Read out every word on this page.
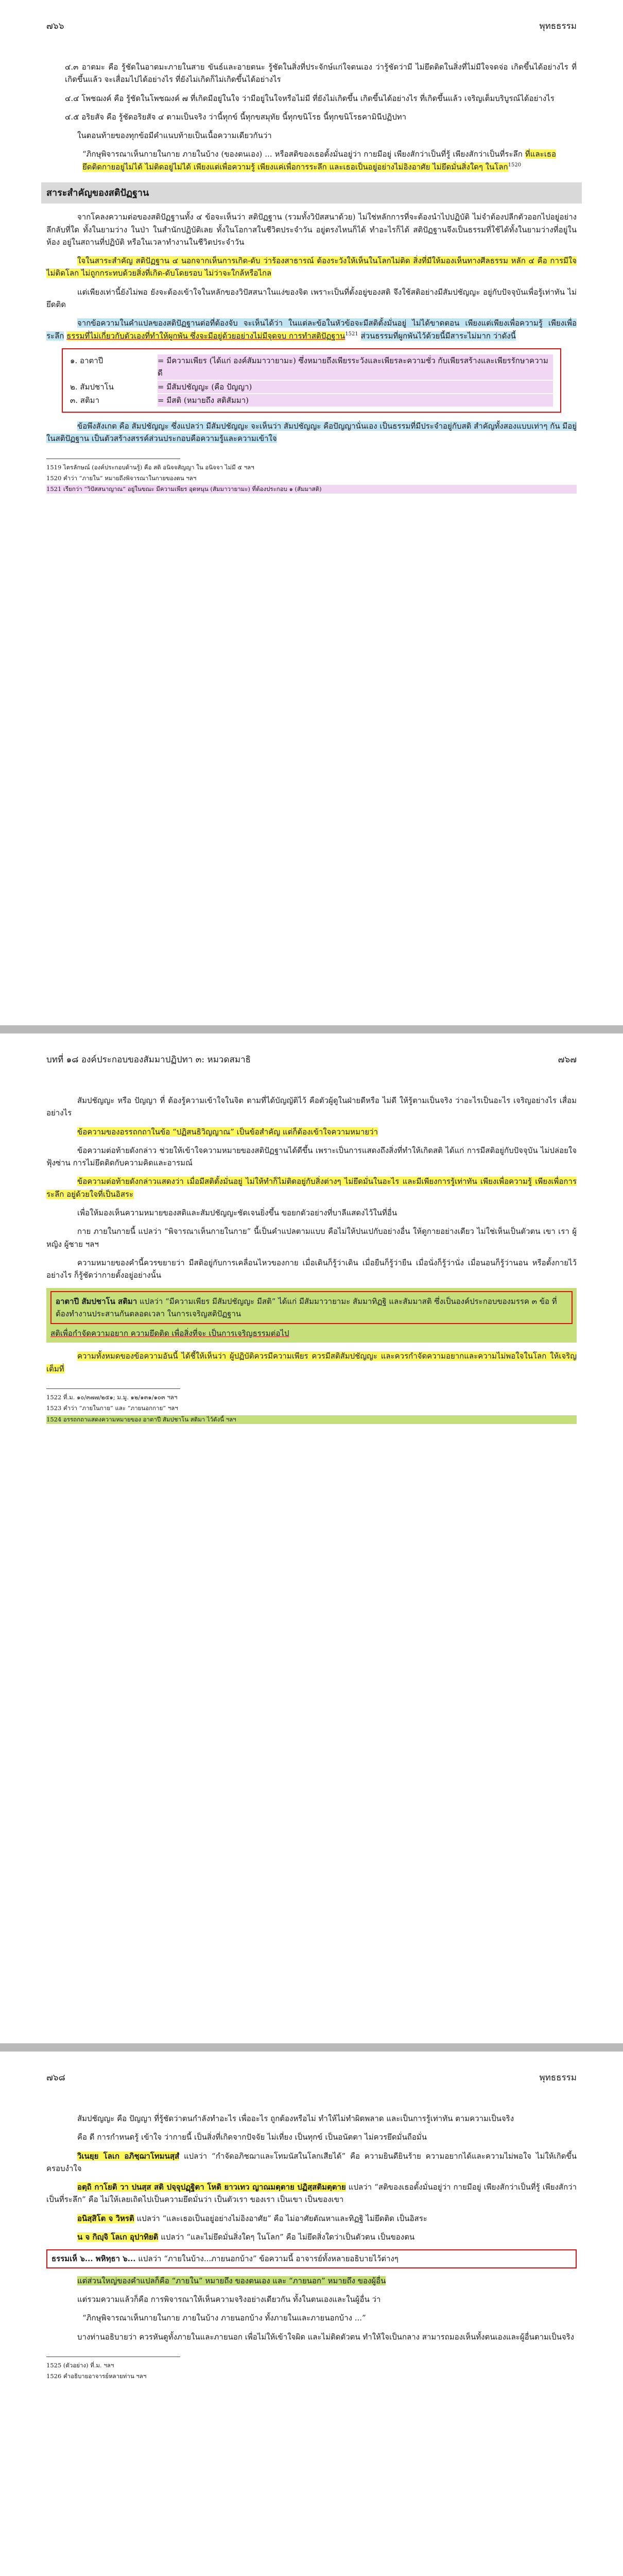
๗๖๖	พุทธธรรม

๔.๓ อาตมะ คือ รู้ชัดในอาตมะภายในสาย ขันธ์และอายตนะ รู้ชัดในสิ่งที่ประจักษ์แก่ใจตนเอง ว่ารู้ชัดว่ามี ไม่ยึดติดในสิ่งที่ไม่มีใจจดจ่อ เกิดขึ้นได้อย่างไร ที่เกิดขึ้นแล้ว จะเสื่อมไปได้อย่างไร ที่ยังไม่เกิดก็ไม่เกิดขึ้นได้อย่างไร

๔.๔ โพชฌงค์ คือ รู้ชัดในโพชฌงค์ ๗ ที่เกิดมีอยู่ในใจ ว่ามีอยู่ในใจหรือไม่มี ที่ยังไม่เกิดขึ้น เกิดขึ้นได้อย่างไร ที่เกิดขึ้นแล้ว เจริญเต็มบริบูรณ์ได้อย่างไร

๔.๕ อริยสัจ คือ รู้ชัดอริยสัจ ๔ ตามเป็นจริง ว่านี้ทุกข์ นี้ทุกขสมุทัย นี้ทุกขนิโรธ นี้ทุกขนิโรธคามินีปฏิปทา

ในตอนท้ายของทุกข้อมีคำแนบท้ายเป็นเนื้อความเดียวกันว่า

“ภิกษุพิจารณาเห็นกายในกาย ภายในบ้าง (ของตนเอง) ... หรือสติของเธอตั้งมั่นอยู่ว่า กายมีอยู่ เพียงสักว่าเป็นที่รู้ เพียงสักว่าเป็นที่ระลึก ที่และเธอยึดติดกายอยู่ไม่ได้ ไม่ติดอยู่ไม่ได้ เพียงแต่เพื่อความรู้ เพียงแค่เพื่อการระลึก และเธอเป็นอยู่อย่างไม่อิงอาศัย ไม่ยึดมั่นสิ่งใดๆ ในโลก$^{1520}$

สาระสำคัญของสติปัฏฐาน

จากโคลงความต่อของสติปัฏฐานทั้ง ๔ ข้อจะเห็นว่า สติปัฏฐาน (รวมทั้งวิปัสสนาด้วย) ไม่ใช่หลักการที่จะต้องนำไปปฏิบัติ ไม่จำต้องปลีกตัวออกไปอยู่อย่างลึกลับที่ใด ทั้งในยามว่าง ในป่า ในสำนักปฏิบัติเลย ทั้งในโอกาสในชีวิตประจำวัน อยู่ตรงไหนก็ได้ ทำอะไรก็ได้ สติปัฏฐานจึงเป็นธรรมที่ใช้ได้ทั้งในยามว่างที่อยู่ในห้อง อยู่ในสถานที่ปฏิบัติ หรือในเวลาทำงานในชีวิตประจำวัน

ใจในสาระสำคัญ สติปัฏฐาน ๔ นอกจากเห็นการเกิด-ดับ ว่าร้องสาธารณ์ ต้องระวังให้เห็นในโลกไม่ติด สิ่งที่มีให้มองเห็นทางศีลธรรม หลัก ๔ คือ การมีใจไม่ติดโลก ไม่ถูกกระทบด้วยสิ่งที่เกิด-ดับโดยรอบ ไม่ว่าจะใกล้หรือไกล

แต่เพียงเท่านี้ยังไม่พอ ยังจะต้องเข้าใจในหลักของวิปัสสนาในแง่ของจิต เพราะเป็นที่ตั้งอยู่ของสติ จึงใช้สติอย่างมีสัมปชัญญะ อยู่กับปัจจุบันเพื่อรู้เท่าทัน ไม่ยึดติด

จากข้อความในคำแปลของสติปัฏฐานต่อที่ต้องจับ จะเห็นได้ว่า ในแต่ละข้อในหัวข้อจะมีสติตั้งมั่นอยู่ ไม่ได้ขาดตอน เพียงแต่เพียงเพื่อความรู้ เพียงเพื่อระลึก ธรรมที่ไม่เกี่ยวกับตัวเองที่ทำให้ผูกพัน ซึ่งจะมีอยู่ด้วยอย่างไม่มีจุดจบ การทำสติปัฏฐาน$^{1521}$ ส่วนธรรมที่ผูกพันไว้ด้วยนี้มีสาระไม่มาก ว่าดังนี้

๑. อาตาปี	= มีความเพียร (ได้แก่ องค์สัมมาวายามะ) ซึ่งหมายถึงเพียรระวังและเพียรละความชั่ว กับเพียรสร้างและเพียรรักษาความดี
๒. สัมปชาโน	= มีสัมปชัญญะ (คือ ปัญญา)
๓. สติมา	= มีสติ (หมายถึง สติสัมมา)

ข้อพึงสังเกต คือ สัมปชัญญะ ซึ่งแปลว่า มีสัมปชัญญะ จะเห็นว่า สัมปชัญญะ คือปัญญานั่นเอง เป็นธรรมที่มีประจำอยู่กับสติ สำคัญทั้งสองแบบเท่าๆ กัน มีอยู่ในสติปัฏฐาน เป็นตัวสร้างสรรค์ส่วนประกอบคือความรู้และความเข้าใจ

1519 ไตรลักษณ์ (องค์ประกอบด้านรู้) คือ สติ อนิจจสัญญา ใน อนิจจา ไม่มี ๕ ฯลฯ

1520 คำว่า “ภายใน” หมายถึงพิจารณาในกายของตน ฯลฯ

1521 เรียกว่า “วิปัสสนาญาณ” อยู่ในขณะ มีความเพียร อุดหนุน (สัมมาวายามะ) ที่ต้องประกอบ ๑ (สัมมาสติ)

บทที่ ๑๘ องค์ประกอบของสัมมาปฏิปทา ๓: หมวดสมาธิ	๗๖๗

สัมปชัญญะ หรือ ปัญญา ที่ ต้องรู้ความเข้าใจในจิต ตามที่ได้บัญญัติไว้ คือตัวผู้ดูในฝ่ายดีหรือ ไม่ดี ให้รู้ตามเป็นจริง ว่าอะไรเป็นอะไร เจริญอย่างไร เสื่อมอย่างไร

ข้อความของอรรถกถาในข้อ “ปฏิสนธิวิญญาณ” เป็นข้อสำคัญ แต่ก็ต้องเข้าใจความหมายว่า

ข้อความต่อท้ายดังกล่าว ช่วยให้เข้าใจความหมายของสติปัฏฐานได้ดีขึ้น เพราะเป็นการแสดงถึงสิ่งที่ทำให้เกิดสติ ได้แก่ การมีสติอยู่กับปัจจุบัน ไม่ปล่อยใจฟุ้งซ่าน การไม่ยึดติดกับความคิดและอารมณ์

ข้อความต่อท้ายดังกล่าวแสดงว่า เมื่อมีสติตั้งมั่นอยู่ ไม่ให้ทำก็ไม่ติดอยู่กับสิ่งต่างๆ ไม่ยึดมั่นในอะไร และมีเพียงการรู้เท่าทัน เพียงเพื่อความรู้ เพียงเพื่อการระลึก อยู่ด้วยใจที่เป็นอิสระ

เพื่อให้มองเห็นความหมายของสติและสัมปชัญญะชัดเจนยิ่งขึ้น ขอยกตัวอย่างที่บาลีแสดงไว้ในที่อื่น

กาย ภายในกายนี้ แปลว่า “พิจารณาเห็นกายในกาย” นี้เป็นคำแปลตามแบบ คือไม่ให้ปนเปกับอย่างอื่น ให้ดูกายอย่างเดียว ไม่ใช่เห็นเป็นตัวตน เขา เรา ผู้หญิง ผู้ชาย ฯลฯ

ความหมายของคำนี้ควรขยายว่า มีสติอยู่กับการเคลื่อนไหวของกาย เมื่อเดินก็รู้ว่าเดิน เมื่อยืนก็รู้ว่ายืน เมื่อนั่งก็รู้ว่านั่ง เมื่อนอนก็รู้ว่านอน หรือตั้งกายไว้อย่างไร ก็รู้ชัดว่ากายตั้งอยู่อย่างนั้น

อาตาปี สัมปชาโน สติมา แปลว่า “มีความเพียร มีสัมปชัญญะ มีสติ” ได้แก่ มีสัมมาวายามะ สัมมาทิฏฐิ และสัมมาสติ ซึ่งเป็นองค์ประกอบของมรรค ๓ ข้อ ที่ต้องทำงานประสานกันตลอดเวลา ในการเจริญสติปัฏฐาน
สติเพื่อกำจัดความอยาก ความยึดติด เพื่อสิ่งที่จะ เป็นการเจริญธรรมต่อไป

ความทั้งหมดของข้อความอันนี้ ได้ชี้ให้เห็นว่า ผู้ปฏิบัติควรมีความเพียร ควรมีสติสัมปชัญญะ และควรกำจัดความอยากและความไม่พอใจในโลก ให้เจริญเต็มที่

1522 ที่.ม. ๑๐/๓๗๗/๒๕๑; ม.มู. ๑๒/๑๓๑/๑๐๓ ฯลฯ

1523 คำว่า “ภายในกาย” และ “ภายนอกกาย” ฯลฯ

1524 อรรถกถาแสดงความหมายของ อาตาปี สัมปชาโน สติมา ไว้ดังนี้ ฯลฯ

๗๖๘	พุทธธรรม

สัมปชัญญะ คือ ปัญญา ที่รู้ชัดว่าตนกำลังทำอะไร เพื่ออะไร ถูกต้องหรือไม่ ทำให้ไม่ทำผิดพลาด และเป็นการรู้เท่าทัน ตามความเป็นจริง

คือ ดี การกำหนดรู้ เข้าใจ ว่ากายนี้ เป็นสิ่งที่เกิดจากปัจจัย ไม่เที่ยง เป็นทุกข์ เป็นอนัตตา ไม่ควรยึดมั่นถือมั่น

วิเนยฺย โลเก อภิชฺฌาโทมนสฺสํ แปลว่า “กำจัดอภิชฌาและโทมนัสในโลกเสียได้” คือ ความยินดียินร้าย ความอยากได้และความไม่พอใจ ไม่ให้เกิดขึ้นครอบงำใจ

อตฺถิ กาโยติ วา ปนสฺส สติ ปจฺจุปฏฺฐิตา โหติ ยาวเทว ญาณมตฺตาย ปฏิสฺสติมตฺตาย แปลว่า “สติของเธอตั้งมั่นอยู่ว่า กายมีอยู่ เพียงสักว่าเป็นที่รู้ เพียงสักว่าเป็นที่ระลึก” คือ ไม่ให้เลยเถิดไปเป็นความยึดมั่นว่า เป็นตัวเรา ของเรา เป็นเขา เป็นของเขา

อนิสฺสิโต จ วิหรติ แปลว่า “และเธอเป็นอยู่อย่างไม่อิงอาศัย” คือ ไม่อาศัยตัณหาและทิฏฐิ ไม่ยึดติด เป็นอิสระ

น จ กิญฺจิ โลเก อุปาทิยติ แปลว่า “และไม่ยึดมั่นสิ่งใดๆ ในโลก” คือ ไม่ยึดสิ่งใดว่าเป็นตัวตน เป็นของตน

ธรรมเห็ ๖... พหิทฺธา ๖... แปลว่า “ภายในบ้าง...ภายนอกบ้าง” ข้อความนี้ อาจารย์ทั้งหลายอธิบายไว้ต่างๆ

แต่ส่วนใหญ่ของคำแปลก็คือ “ภายใน” หมายถึง ของตนเอง และ “ภายนอก” หมายถึง ของผู้อื่น

แต่รวมความแล้วก็คือ การพิจารณาให้เห็นความจริงอย่างเดียวกัน ทั้งในตนเองและในผู้อื่น ว่า

“ภิกษุพิจารณาเห็นกายในกาย ภายในบ้าง ภายนอกบ้าง ทั้งภายในและภายนอกบ้าง ...”

บางท่านอธิบายว่า ควรหันดูทั้งภายในและภายนอก เพื่อไม่ให้เข้าใจผิด และไม่ติดตัวตน ทำให้ใจเป็นกลาง สามารถมองเห็นทั้งตนเองและผู้อื่นตามเป็นจริง

1525 (ตัวอย่าง) ที่.ม. ฯลฯ

1526 คำอธิบายอาจารย์หลายท่าน ฯลฯ
